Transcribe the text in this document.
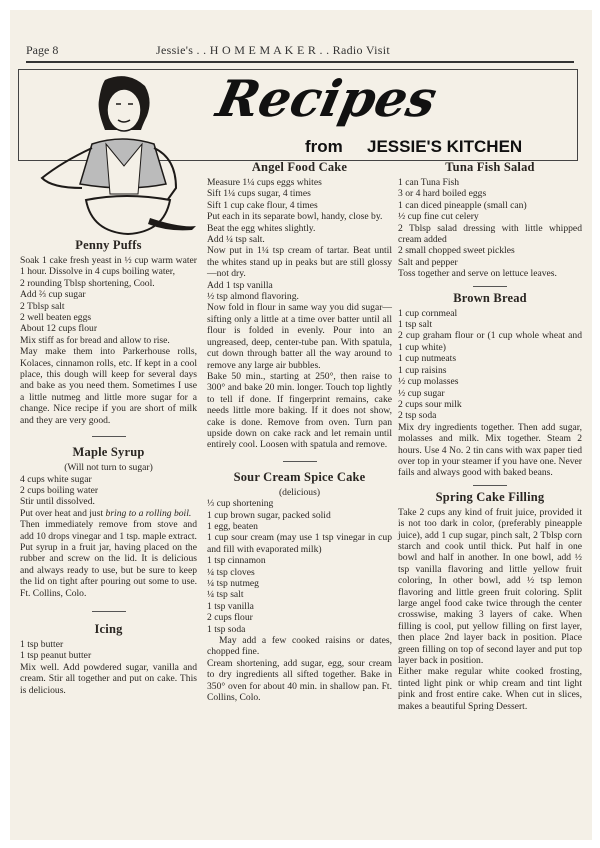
Page 8	Jessie's . . H O M E M A K E R . . Radio Visit
Recipes
from JESSIE'S KITCHEN
Penny Puffs

Soak 1 cake fresh yeast in ½ cup warm water 1 hour. Dissolve in 4 cups boiling water,

2 rounding Tblsp shortening, Cool.

Add ⅔ cup sugar

2 Tblsp salt

2 well beaten eggs

About 12 cups flour

Mix stiff as for bread and allow to rise.

May make them into Parkerhouse rolls, Kolaces, cinnamon rolls, etc. If kept in a cool place, this dough will keep for several days and bake as you need them. Sometimes I use a little nutmeg and little more sugar for a change. Nice recipe if you are short of milk and they are very good.

Maple Syrup

(Will not turn to sugar)

4 cups white sugar

2 cups boiling water

Stir until dissolved.

Put over heat and just bring to a rolling boil.

Then immediately remove from stove and add 10 drops vinegar and 1 tsp. maple extract.

Put syrup in a fruit jar, having placed on the rubber and screw on the lid. It is delicious and always ready to use, but be sure to keep the lid on tight after pouring out some to use. Ft. Collins, Colo.

Icing

1 tsp butter

1 tsp peanut butter

Mix well. Add powdered sugar, vanilla and cream. Stir all together and put on cake. This is delicious.

Angel Food Cake

Measure 1¼ cups eggs whites

Sift 1¼ cups sugar, 4 times

Sift 1 cup cake flour, 4 times

Put each in its separate bowl, handy, close by.

Beat the egg whites slightly.

Add ¼ tsp salt.

Now put in 1¼ tsp cream of tartar. Beat until the whites stand up in peaks but are still glossy—not dry.

Add 1 tsp vanilla

½ tsp almond flavoring.

Now fold in flour in same way you did sugar—sifting only a little at a time over batter until all flour is folded in evenly. Pour into an ungreased, deep, center-tube pan. With spatula, cut down through batter all the way around to remove any large air bubbles.

Bake 50 min., starting at 250°, then raise to 300° and bake 20 min. longer. Touch top lightly to tell if done. If fingerprint remains, cake needs little more baking. If it does not show, cake is done. Remove from oven. Turn pan upside down on cake rack and let remain until entirely cool. Loosen with spatula and remove.

Sour Cream Spice Cake

(delicious)

⅓ cup shortening

1 cup brown sugar, packed solid

1 egg, beaten

1 cup sour cream (may use 1 tsp vinegar in cup and fill with evaporated milk)

1 tsp cinnamon

¼ tsp cloves

¼ tsp nutmeg

¼ tsp salt

1 tsp vanilla

2 cups flour

1 tsp soda

May add a few cooked raisins or dates, chopped fine.

Cream shortening, add sugar, egg, sour cream to dry ingredients all sifted together. Bake in 350° oven for about 40 min. in shallow pan. Ft. Collins, Colo.

Tuna Fish Salad

1 can Tuna Fish

3 or 4 hard boiled eggs

1 can diced pineapple (small can)

½ cup fine cut celery

2 Tblsp salad dressing with little whipped cream added

2 small chopped sweet pickles

Salt and pepper

Toss together and serve on lettuce leaves.

Brown Bread

1 cup cornmeal

1 tsp salt

2 cup graham flour or (1 cup whole wheat and 1 cup white)

1 cup nutmeats

1 cup raisins

½ cup molasses

½ cup sugar

2 cups sour milk

2 tsp soda

Mix dry ingredients together. Then add sugar, molasses and milk. Mix together. Steam 2 hours. Use 4 No. 2 tin cans with wax paper tied over top in your steamer if you have one. Never fails and always good with baked beans.

Spring Cake Filling

Take 2 cups any kind of fruit juice, provided it is not too dark in color, (preferably pineapple juice), add 1 cup sugar, pinch salt, 2 Tblsp corn starch and cook until thick. Put half in one bowl and half in another. In one bowl, add ½ tsp vanilla flavoring and little yellow fruit coloring, In other bowl, add ½ tsp lemon flavoring and little green fruit coloring. Split large angel food cake twice through the center crosswise, making 3 layers of cake. When filling is cool, put yellow filling on first layer, then place 2nd layer back in position. Place green filling on top of second layer and put top layer back in position.

Either make regular white cooked frosting, tinted light pink or whip cream and tint light pink and frost entire cake. When cut in slices, makes a beautiful Spring Dessert.
